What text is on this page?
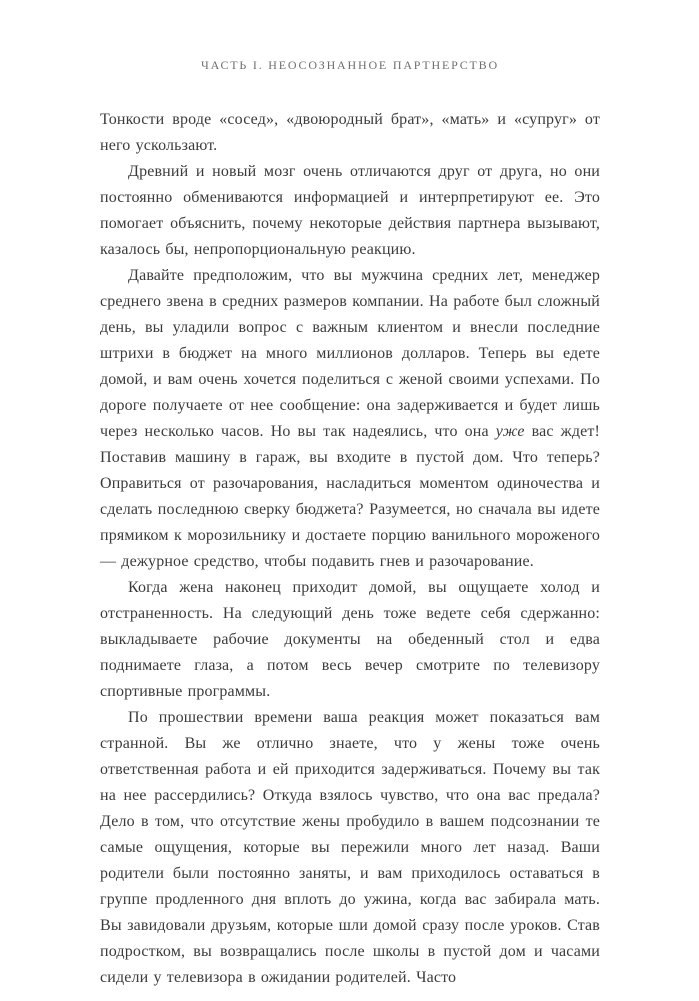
ЧАСТЬ I. НЕОСОЗНАННОЕ ПАРТНЕРСТВО

Тонкости вроде «сосед», «двоюродный брат», «мать» и «супруг» от него ускользают.

Древний и новый мозг очень отличаются друг от друга, но они постоянно обмениваются информацией и интерпретируют ее. Это помогает объяснить, почему некоторые действия партнера вызывают, казалось бы, непропорциональную реакцию.

Давайте предположим, что вы мужчина средних лет, менеджер среднего звена в средних размеров компании. На работе был сложный день, вы уладили вопрос с важным клиентом и внесли последние штрихи в бюджет на много миллионов долларов. Теперь вы едете домой, и вам очень хочется поделиться с женой своими успехами. По дороге получаете от нее сообщение: она задерживается и будет лишь через несколько часов. Но вы так надеялись, что она уже вас ждет! Поставив машину в гараж, вы входите в пустой дом. Что теперь? Оправиться от разочарования, насладиться моментом одиночества и сделать последнюю сверку бюджета? Разумеется, но сначала вы идете прямиком к морозильнику и достаете порцию ванильного мороженого — дежурное средство, чтобы подавить гнев и разочарование.

Когда жена наконец приходит домой, вы ощущаете холод и отстраненность. На следующий день тоже ведете себя сдержанно: выкладываете рабочие документы на обеденный стол и едва поднимаете глаза, а потом весь вечер смотрите по телевизору спортивные программы.

По прошествии времени ваша реакция может показаться вам странной. Вы же отлично знаете, что у жены тоже очень ответственная работа и ей приходится задерживаться. Почему вы так на нее рассердились? Откуда взялось чувство, что она вас предала? Дело в том, что отсутствие жены пробудило в вашем подсознании те самые ощущения, которые вы пережили много лет назад. Ваши родители были постоянно заняты, и вам приходилось оставаться в группе продленного дня вплоть до ужина, когда вас забирала мать. Вы завидовали друзьям, которые шли домой сразу после уроков. Став подростком, вы возвращались после школы в пустой дом и часами сидели у телевизора в ожидании родителей. Часто
